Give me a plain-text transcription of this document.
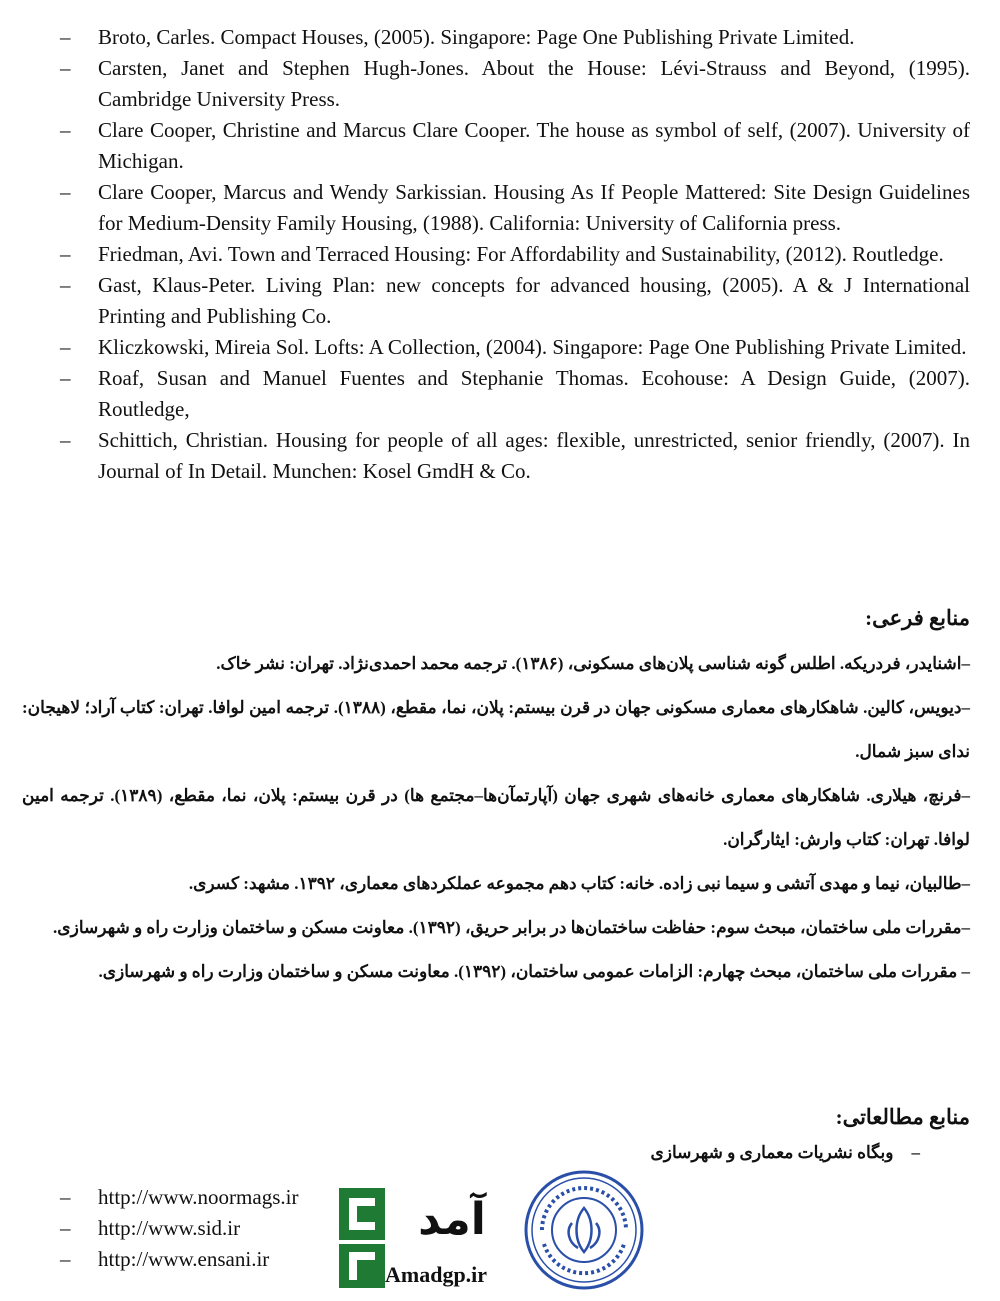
– Broto, Carles. Compact Houses, (2005). Singapore: Page One Publishing Private Limited.
– Carsten, Janet and Stephen Hugh-Jones. About the House: Lévi-Strauss and Beyond, (1995). Cambridge University Press.
– Clare Cooper, Christine and Marcus Clare Cooper. The house as symbol of self, (2007). University of Michigan.
– Clare Cooper, Marcus and Wendy Sarkissian. Housing As If People Mattered: Site Design Guidelines for Medium-Density Family Housing, (1988). California: University of California press.
– Friedman, Avi. Town and Terraced Housing: For Affordability and Sustainability, (2012). Routledge.
– Gast, Klaus-Peter. Living Plan: new concepts for advanced housing, (2005). A & J International Printing and Publishing Co.
– Kliczkowski, Mireia Sol. Lofts: A Collection, (2004). Singapore: Page One Publishing Private Limited.
– Roaf, Susan and Manuel Fuentes and Stephanie Thomas. Ecohouse: A Design Guide, (2007). Routledge,
– Schittich, Christian. Housing for people of all ages: flexible, unrestricted, senior friendly, (2007). In Journal of In Detail. Munchen: Kosel GmdH & Co.
منابع فرعی:
–اشنایدر، فردریکه. اطلس گونه شناسی پلان‌های مسکونی، (۱۳۸۶). ترجمه محمد احمدی‌نژاد. تهران: نشر خاک.
–دیویس، کالین. شاهکارهای معماری مسکونی جهان در قرن بیستم: پلان، نما، مقطع، (۱۳۸۸). ترجمه امین لوافا. تهران: کتاب آراد؛ لاهیجان: ندای سبز شمال.
–فرنچ، هیلاری. شاهکارهای معماری خانه‌های شهری جهان (آپارتمآن‌ها–مجتمع ها) در قرن بیستم: پلان، نما، مقطع، (۱۳۸۹). ترجمه امین لوافا. تهران: کتاب وارش: ایثارگران.
–طالبیان، نیما و مهدی آتشی و سیما نبی زاده. خانه: کتاب دهم مجموعه عملکردهای معماری، ۱۳۹۲. مشهد: کسری.
–مقررات ملی ساختمان، مبحث سوم: حفاظت ساختمان‌ها در برابر حریق، (۱۳۹۲). معاونت مسکن و ساختمان وزارت راه و شهرسازی.
– مقررات ملی ساختمان، مبحث چهارم: الزامات عمومی ساختمان، (۱۳۹۲). معاونت مسکن و ساختمان وزارت راه و شهرسازی.
منابع مطالعاتی:

–وبگاه نشریات معماری و شهرسازی

– http://www.noormags.ir
– http://www.sid.ir
– http://www.ensani.ir
آمد
Amadgp.ir
